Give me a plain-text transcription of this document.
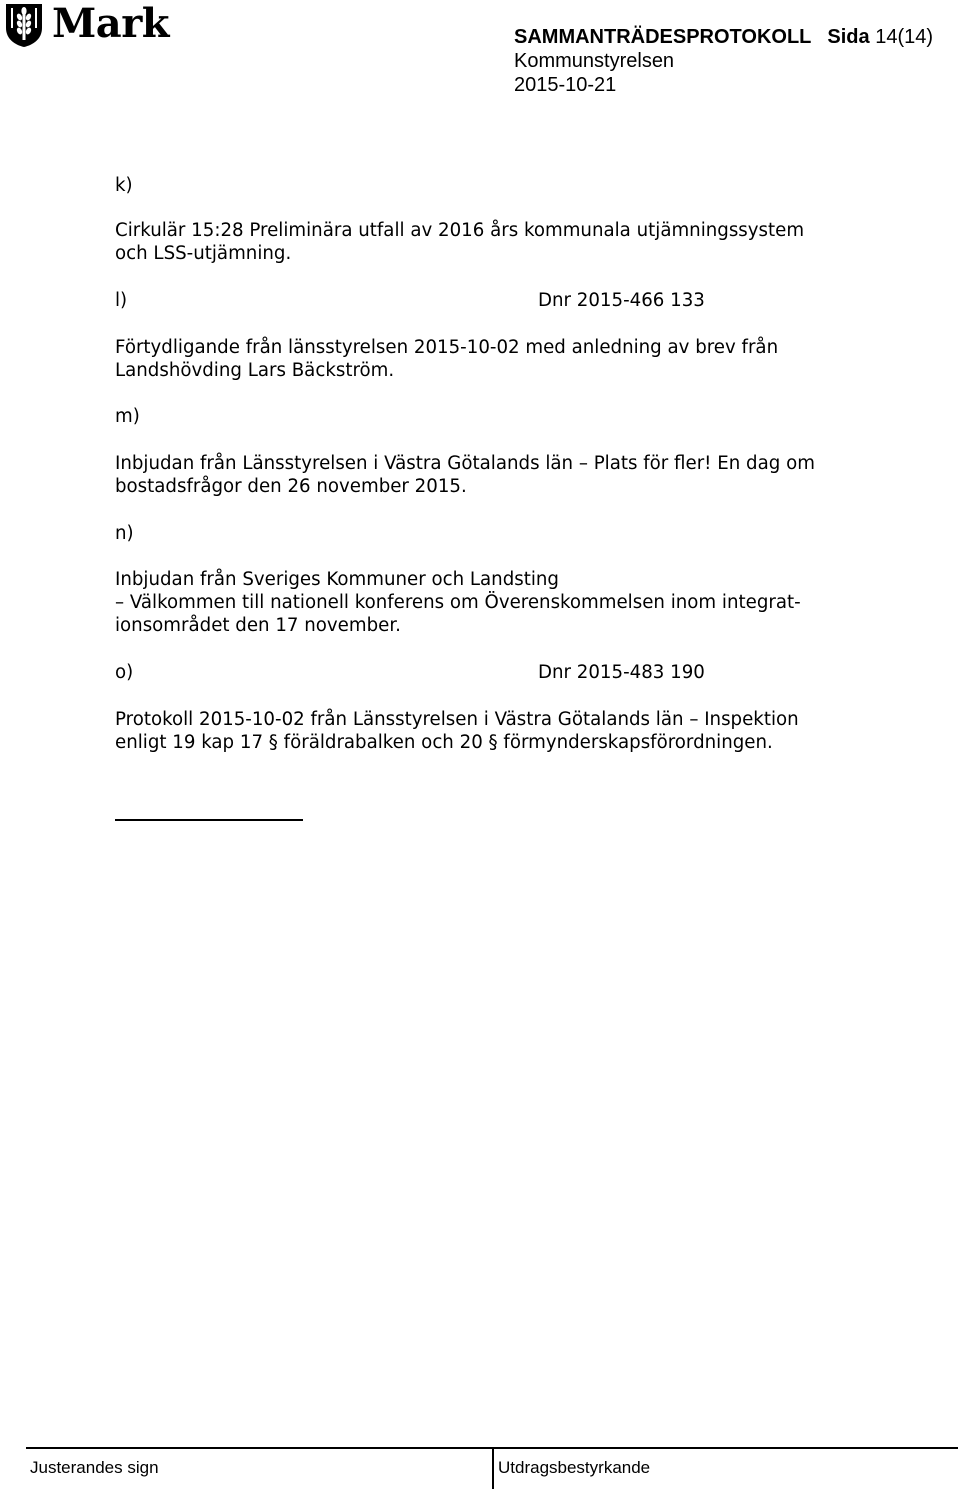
Mark	SAMMANTRÄDESPROTOKOLL Sida 14(14)
Kommunstyrelsen
2015-10-21
k)
Cirkulär 15:28 Preliminära utfall av 2016 års kommunala utjämningssystem
och LSS-utjämning.
l)	Dnr 2015-466 133
Förtydligande från länsstyrelsen 2015-10-02 med anledning av brev från
Landshövding Lars Bäckström.
m)
Inbjudan från Länsstyrelsen i Västra Götalands län – Plats för fler! En dag om
bostadsfrågor den 26 november 2015.
n)
Inbjudan från Sveriges Kommuner och Landsting
– Välkommen till nationell konferens om Överenskommelsen inom integrat-
ionsområdet den 17 november.
o)	Dnr 2015-483 190
Protokoll 2015-10-02 från Länsstyrelsen i Västra Götalands län – Inspektion
enligt 19 kap 17 § föräldrabalken och 20 § förmynderskapsförordningen.
Justerandes sign	Utdragsbestyrkande
